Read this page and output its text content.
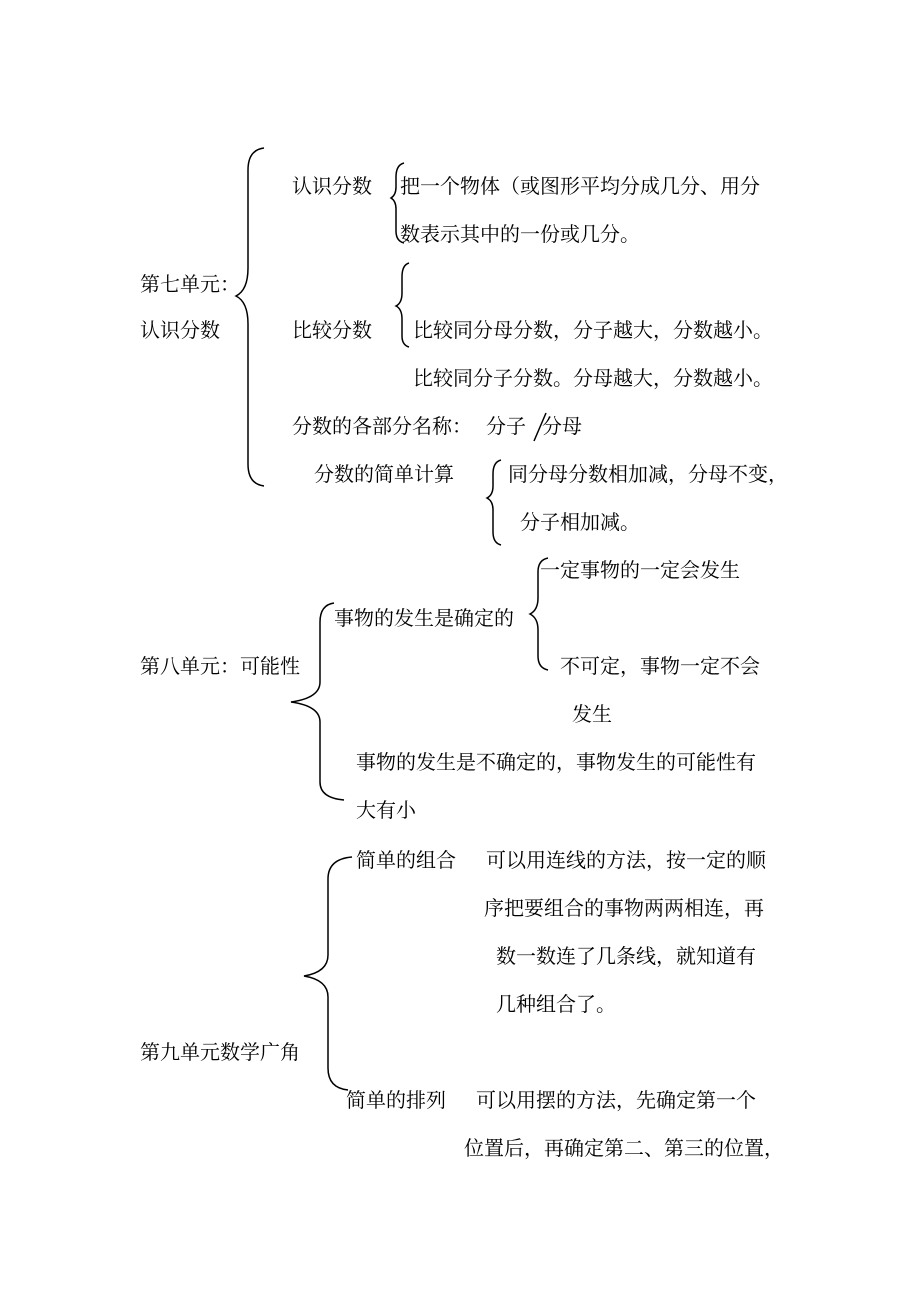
第七单元：
认识分数
认识分数 把一个物体（或图形平均分成几分、用分
数表示其中的一份或几分。
比较分数 比较同分母分数，分子越大，分数越小。
比较同分子分数。分母越大，分数越小。
分数的各部分名称： 分子 分母
分数的简单计算	同分母分数相加减，分母不变，
分子相加减。
第八单元：可能性
事物的发生是确定的
一定事物的一定会发生
不可定，事物一定不会
发生
事物的发生是不确定的，事物发生的可能性有
大有小
第九单元数学广角
简单的组合 可以用连线的方法，按一定的顺
序把要组合的事物两两相连，再
数一数连了几条线，就知道有
几种组合了。
简单的排列 可以用摆的方法，先确定第一个
位置后，再确定第二、第三的位置，
